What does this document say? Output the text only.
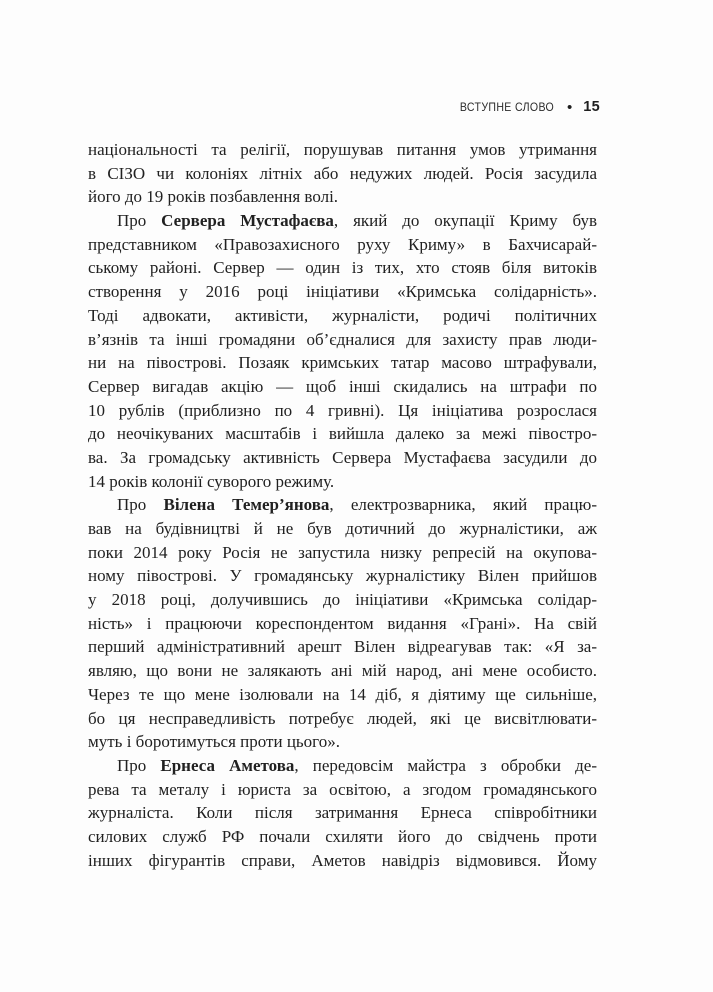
ВСТУПНЕ СЛОВО • 15
національності та релігії, порушував питання умов утримання
в СІЗО чи колоніях літніх або недужих людей. Росія засудила
його до 19 років позбавлення волі.
Про Сервера Мустафаєва, який до окупації Криму був
представником «Правозахисного руху Криму» в Бахчисарай-
ському районі. Сервер — один із тих, хто стояв біля витоків
створення у 2016 році ініціативи «Кримська солідарність».
Тоді адвокати, активісти, журналісти, родичі політичних
в’язнів та інші громадяни об’єдналися для захисту прав люди-
ни на півострові. Позаяк кримських татар масово штрафували,
Сервер вигадав акцію — щоб інші скидались на штрафи по
10 рублів (приблизно по 4 гривні). Ця ініціатива розрослася
до неочікуваних масштабів і вийшла далеко за межі півостро-
ва. За громадську активність Сервера Мустафаєва засудили до
14 років колонії суворого режиму.
Про Вілена Темер’янова, електрозварника, який працю-
вав на будівництві й не був дотичний до журналістики, аж
поки 2014 року Росія не запустила низку репресій на окупова-
ному півострові. У громадянську журналістику Вілен прийшов
у 2018 році, долучившись до ініціативи «Кримська солідар-
ність» і працюючи кореспондентом видання «Грані». На свій
перший адміністративний арешт Вілен відреагував так: «Я за-
являю, що вони не залякають ані мій народ, ані мене особисто.
Через те що мене ізолювали на 14 діб, я діятиму ще сильніше,
бо ця несправедливість потребує людей, які це висвітлювати-
муть і боротимуться проти цього».
Про Ернеса Аметова, передовсім майстра з обробки де-
рева та металу і юриста за освітою, а згодом громадянського
журналіста. Коли після затримання Ернеса співробітники
силових служб РФ почали схиляти його до свідчень проти
інших фігурантів справи, Аметов навідріз відмовився. Йому
